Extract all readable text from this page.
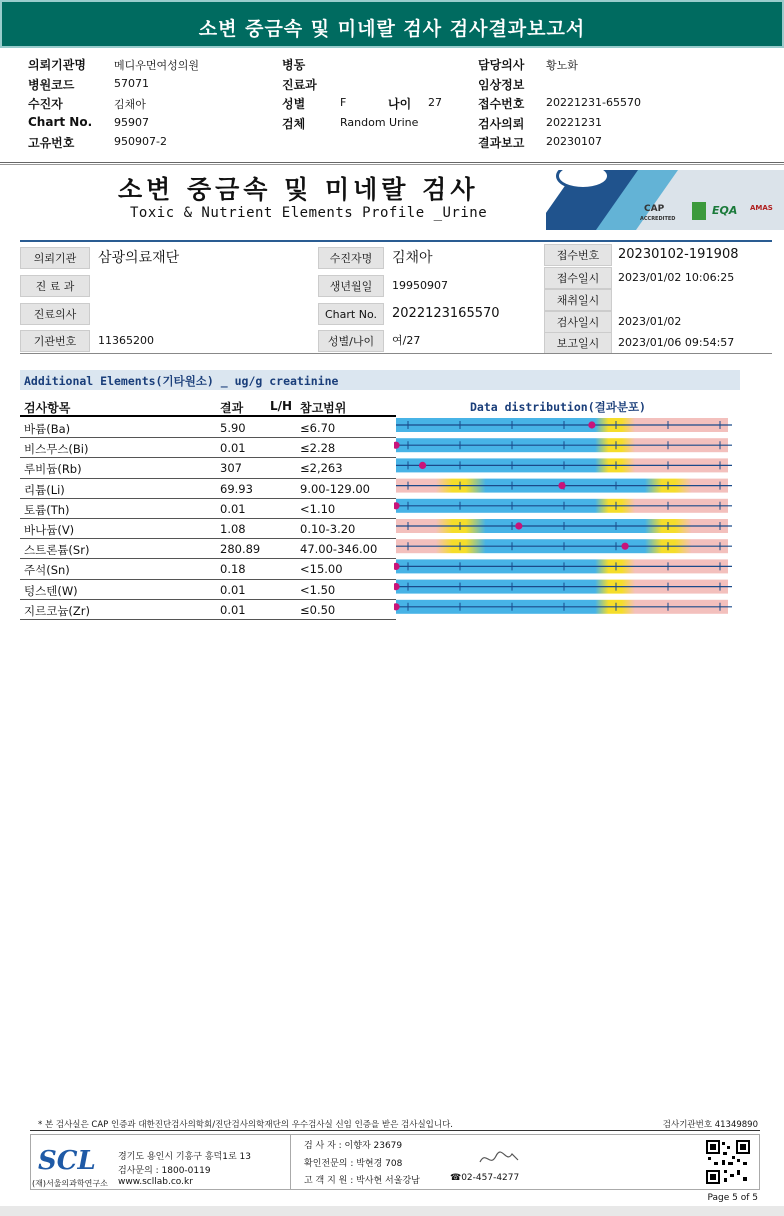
소변 중금속 및 미네랄 검사 검사결과보고서
의뢰기관명	메디우먼여성의원
병원코드	57071
수진자	김채아
Chart No. 95907
고유번호	950907-2
병동
진료과
성별	F	나이 27
검체	Random Urine
담당의사 황노화
임상정보
접수번호 20221231-65570
검사의뢰 20221231
결과보고 20230107
소변 중금속 및 미네랄 검사
Toxic & Nutrient Elements Profile _Urine	CAP
ACCREDITED
EQA AMAS
의뢰기관	삼광의료재단
진 료 과
진료의사
기관번호	11365200
수진자명	김채아
생년월일	19950907
Chart No.	2022123165570
성별/나이	여/27
접수번호	20230102-191908
접수일시	2023/01/02 10:06:25
채취일시
검사일시	2023/01/02
보고일시	2023/01/06 09:54:57
Additional Elements(기타원소) _ ug/g creatinine
검사항목	결과 L/H 참고범위	Data distribution(결과분포)
바륨(Ba)	5.90	≤6.70
비스무스(Bi)	0.01	≤2.28
루비듐(Rb)	307	≤2,263
리튬(Li)	69.93	9.00-129.00
토륨(Th)	0.01	<1.10
바나듐(V)	1.08	0.10-3.20
스트론튬(Sr)	280.89	47.00-346.00
주석(Sn)	0.18	<15.00
텅스텐(W)	0.01	<1.50
지르코늄(Zr)	0.01	≤0.50
* 본 검사실은 CAP 인증과 대한진단검사의학회/진단검사의학재단의 우수검사실 신임 인증을 받은 검사실입니다.	검사기관번호 41349890
SCL
(재)서울의과학연구소
경기도 용인시 기흥구 흥덕1로 13
검사문의 : 1800-0119
www.scllab.co.kr
검 사 자 : 이향자 23679
확인전문의 : 박현경 708
고 객 지 원 : 박사현 서울강남	☎02-457-4277
Page 5 of 5
